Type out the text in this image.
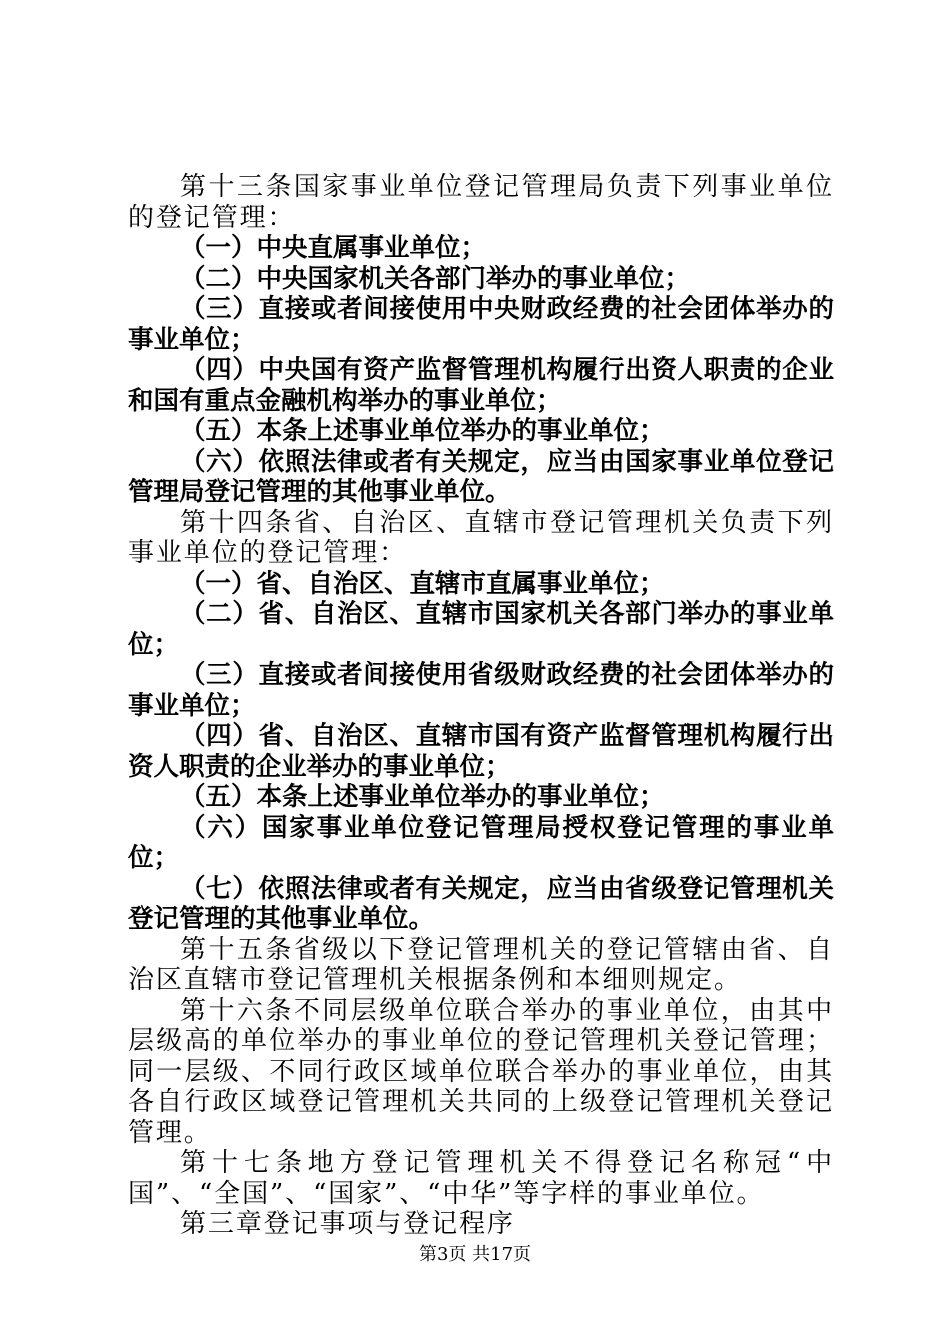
第十三条国家事业单位登记管理局负责下列事业单位的登记管理：

（一）中央直属事业单位；

（二）中央国家机关各部门举办的事业单位；

（三）直接或者间接使用中央财政经费的社会团体举办的事业单位；

（四）中央国有资产监督管理机构履行出资人职责的企业和国有重点金融机构举办的事业单位；

（五）本条上述事业单位举办的事业单位；

（六）依照法律或者有关规定，应当由国家事业单位登记管理局登记管理的其他事业单位。

第十四条省、自治区、直辖市登记管理机关负责下列事业单位的登记管理：

（一）省、自治区、直辖市直属事业单位；

（二）省、自治区、直辖市国家机关各部门举办的事业单位；

（三）直接或者间接使用省级财政经费的社会团体举办的事业单位；

（四）省、自治区、直辖市国有资产监督管理机构履行出资人职责的企业举办的事业单位；

（五）本条上述事业单位举办的事业单位；

（六）国家事业单位登记管理局授权登记管理的事业单位；

（七）依照法律或者有关规定，应当由省级登记管理机关登记管理的其他事业单位。

第十五条省级以下登记管理机关的登记管辖由省、自治区直辖市登记管理机关根据条例和本细则规定。

第十六条不同层级单位联合举办的事业单位，由其中层级高的单位举办的事业单位的登记管理机关登记管理；同一层级、不同行政区域单位联合举办的事业单位，由其各自行政区域登记管理机关共同的上级登记管理机关登记管理。

第十七条地方登记管理机关不得登记名称冠“中国”、“全国”、“国家”、“中华”等字样的事业单位。

第三章登记事项与登记程序

第3页 共17页
